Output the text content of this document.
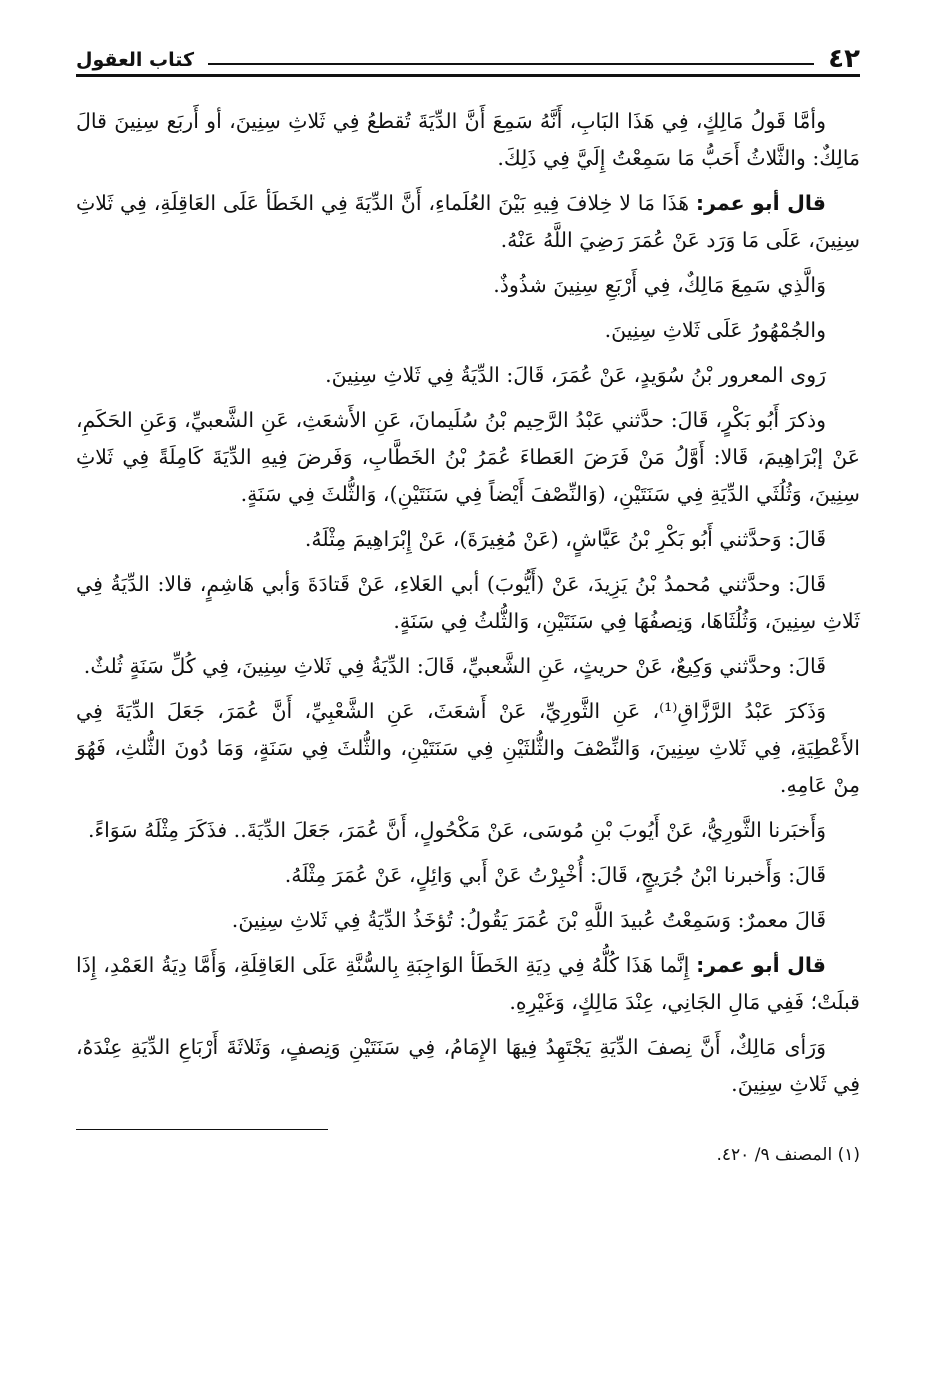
٤٢
كتاب العقول

وأمَّا قَولُ مَالِكٍ، فِي هَذَا البَابِ، أَنَّهُ سَمِعَ أَنَّ الدِّيَةَ تُقطعُ فِي ثَلاثِ سِنِينَ، أو أَربَع سِنِينَ قالَ مَالِكٌ: والثَّلاثُ أَحَبُّ مَا سَمِعْتُ إِلَيَّ فِي ذَلِكَ.

قال أبو عمر: هَذَا مَا لا خِلافَ فِيهِ بَيْنَ العُلَماءِ، أَنَّ الدِّيَةَ فِي الخَطَأ عَلَى العَاقِلَةِ، فِي ثَلاثِ سِنِينَ، عَلَى مَا وَرَد عَنْ عُمَرَ رَضِيَ اللَّهُ عَنْهُ.

وَالَّذِي سَمِعَ مَالِكٌ، فِي أَرْبَعِ سِنِينَ شذُوذٌ.

والجُمْهُورُ عَلَى ثَلاثِ سِنِينَ.

رَوى المعرور بْنُ سُوَيدٍ، عَنْ عُمَرَ، قَالَ: الدِّيَةُ فِي ثَلاثِ سِنِينَ.

وذكرَ أَبُو بَكْرٍ، قَالَ: حدَّثني عَبْدُ الرَّحِيم بْنُ سُلَيمانَ، عَنِ الأَشعَثِ، عَنِ الشَّعبيِّ، وَعَنِ الحَكَمِ، عَنْ إبْرَاهِيمَ، قَالا: أَوَّلُ مَنْ فَرَضَ العَطاءَ عُمَرُ بْنُ الخَطَّابِ، وَفَرضَ فِيهِ الدِّيَةَ كَامِلَةً فِي ثَلاثِ سِنِينَ، وَثُلُثَي الدِّيَةِ فِي سَنَتَيْنِ، (وَالنِّصْفَ أَيْضاً فِي سَنَتَيْنِ)، وَالثُّلثَ فِي سَنَةٍ.

قَالَ: وَحدَّثني أَبُو بَكْرِ بْنُ عَيَّاشٍ، (عَنْ مُغِيرَةَ)، عَنْ إِبْرَاهِيمَ مِثْلَهُ.

قَالَ: وحدَّثني مُحمدُ بْنُ يَزِيدَ، عَنْ (أَيُّوبَ) أبي العَلاءِ، عَنْ قَتادَةَ وَأبي هَاشِمٍ، قالا: الدِّيَةُ فِي ثَلاثِ سِنِينَ، وَثُلُثَاهَا، وَنِصفُهَا فِي سَنَتَيْنِ، وَالثُّلثُ فِي سَنَةٍ.

قَالَ: وحدَّثني وَكِيعٌ، عَنْ حريثٍ، عَنِ الشَّعبيِّ، قَالَ: الدِّيَةُ فِي ثَلاثِ سِنِينَ، فِي كُلِّ سَنَةٍ ثُلثٌ.

وَذَكرَ عَبْدُ الرَّزَّاقِ⁽¹⁾، عَنِ الثَّورِيِّ، عَنْ أَشعَثَ، عَنِ الشَّعْبِيِّ، أَنَّ عُمَرَ، جَعَلَ الدِّيَةَ فِي الأَعْطِيَةِ، فِي ثَلاثِ سِنِينَ، وَالنِّصْفَ والثُّلثَيْنِ فِي سَنَتَيْنِ، والثُّلثَ فِي سَنَةٍ، وَمَا دُونَ الثُّلثِ، فَهُوَ مِنْ عَامِهِ.

وَأَخبَرنا الثَّورِيُّ، عَنْ أَيُوبَ بْنِ مُوسَى، عَنْ مَكْحُولٍ، أَنَّ عُمَرَ، جَعَلَ الدِّيَةَ.. فذَكَرَ مِثْلَهُ سَوَاءً.

قَالَ: وَأَخبرنا ابْنُ جُرَيجٍ، قَالَ: أُخْبِرْتُ عَنْ أَبي وَائِلٍ، عَنْ عُمَرَ مِثْلَهُ.

قَالَ معمرٌ: وَسَمِعْتُ عُبيدَ اللَّهِ بْنَ عُمَرَ يَقُولُ: تُؤخَذُ الدِّيَةُ فِي ثَلاثِ سِنِينَ.

قال أبو عمر: إِنَّما هَذَا كُلُّهُ فِي دِيَةِ الخَطَأ الوَاجِبَةِ بِالسُّنَّةِ عَلَى العَاقِلَةِ، وَأَمَّا دِيَةُ العَمْدِ، إِذَا قبلَتْ؛ فَفِي مَالِ الجَانِي، عِنْدَ مَالِكٍ، وَغَيْرِهِ.

وَرَأى مَالِكٌ، أَنَّ نِصفَ الدِّيَةِ يَجْتَهِدُ فِيهَا الإِمَامُ، فِي سَنَتَيْنِ وَنِصفٍ، وَثَلاثَةَ أَرْبَاعِ الدِّيَةِ عِنْدَهُ، فِي ثَلاثِ سِنِينَ.

(١) المصنف ٩/ ٤٢٠.
